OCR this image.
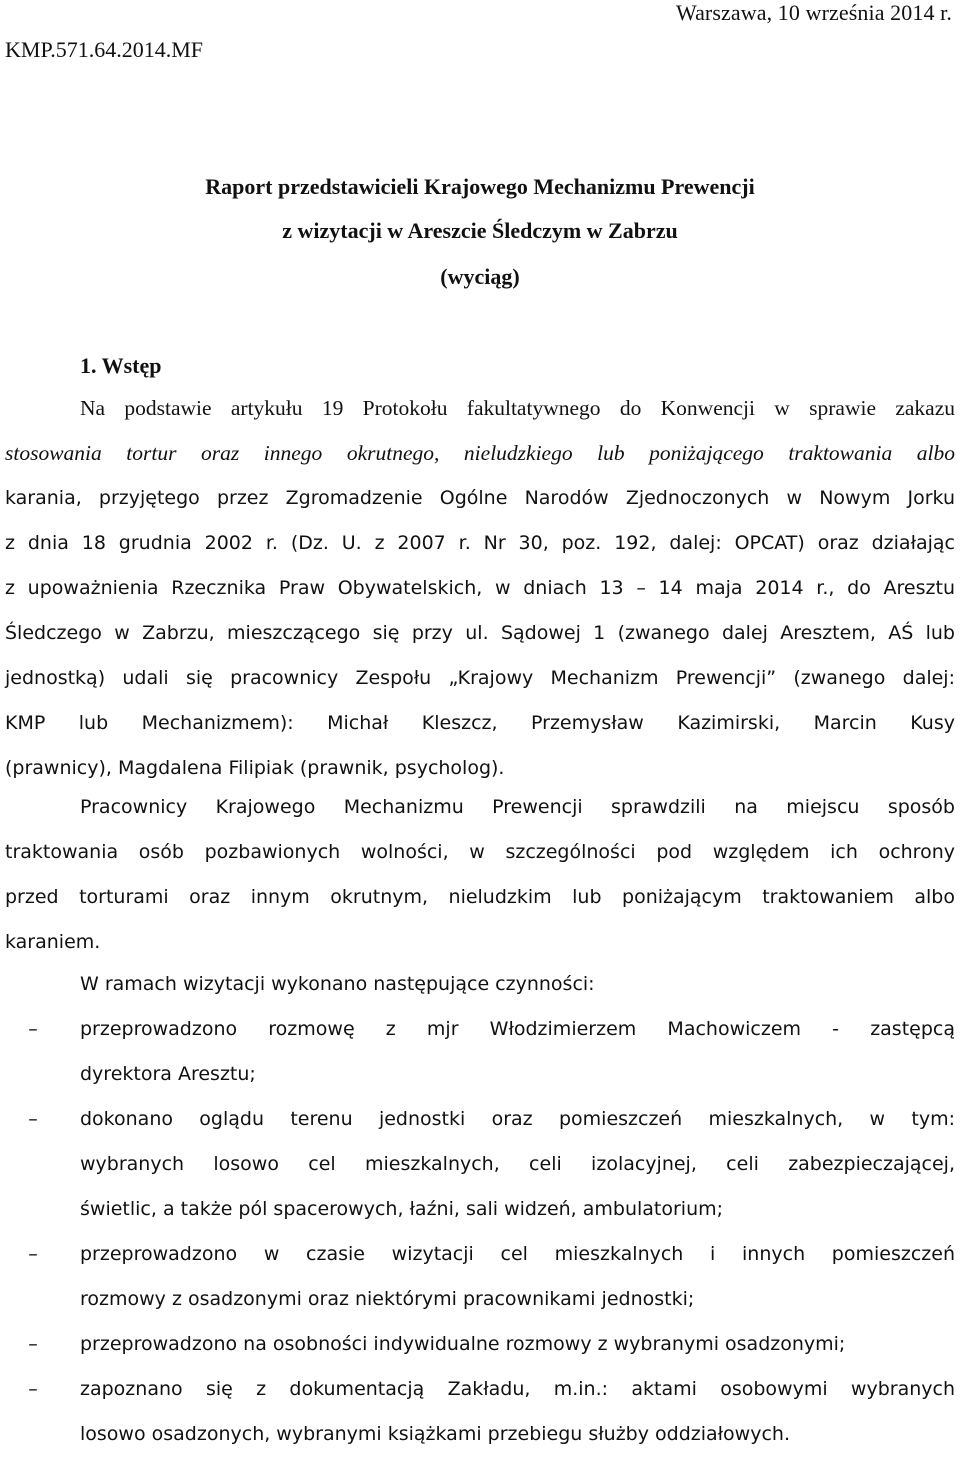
Warszawa, 10 września 2014 r.
KMP.571.64.2014.MF
Raport przedstawicieli Krajowego Mechanizmu Prewencji
z wizytacji w Areszcie Śledczym w Zabrzu
(wyciąg)
1. Wstęp
Na podstawie artykułu 19 Protokołu fakultatywnego do Konwencji w sprawie zakazu
stosowania tortur oraz innego okrutnego, nieludzkiego lub poniżającego traktowania albo
karania, przyjętego przez Zgromadzenie Ogólne Narodów Zjednoczonych w Nowym Jorku
z dnia 18 grudnia 2002 r. (Dz. U. z 2007 r. Nr 30, poz. 192, dalej: OPCAT) oraz działając
z upoważnienia Rzecznika Praw Obywatelskich, w dniach 13 – 14 maja 2014 r., do Aresztu
Śledczego w Zabrzu, mieszczącego się przy ul. Sądowej 1 (zwanego dalej Aresztem, AŚ lub
jednostką) udali się pracownicy Zespołu „Krajowy Mechanizm Prewencji” (zwanego dalej:
KMP lub Mechanizmem): Michał Kleszcz, Przemysław Kazimirski, Marcin Kusy
(prawnicy), Magdalena Filipiak (prawnik, psycholog).
Pracownicy Krajowego Mechanizmu Prewencji sprawdzili na miejscu sposób
traktowania osób pozbawionych wolności, w szczególności pod względem ich ochrony
przed torturami oraz innym okrutnym, nieludzkim lub poniżającym traktowaniem albo
karaniem.
W ramach wizytacji wykonano następujące czynności:
–	przeprowadzono rozmowę z mjr Włodzimierzem Machowiczem - zastępcą
dyrektora Aresztu;
–	dokonano oglądu terenu jednostki oraz pomieszczeń mieszkalnych, w tym:
wybranych losowo cel mieszkalnych, celi izolacyjnej, celi zabezpieczającej,
świetlic, a także pól spacerowych, łaźni, sali widzeń, ambulatorium;
–	przeprowadzono w czasie wizytacji cel mieszkalnych i innych pomieszczeń
rozmowy z osadzonymi oraz niektórymi pracownikami jednostki;
–	przeprowadzono na osobności indywidualne rozmowy z wybranymi osadzonymi;
–	zapoznano się z dokumentacją Zakładu, m.in.: aktami osobowymi wybranych
losowo osadzonych, wybranymi książkami przebiegu służby oddziałowych.
